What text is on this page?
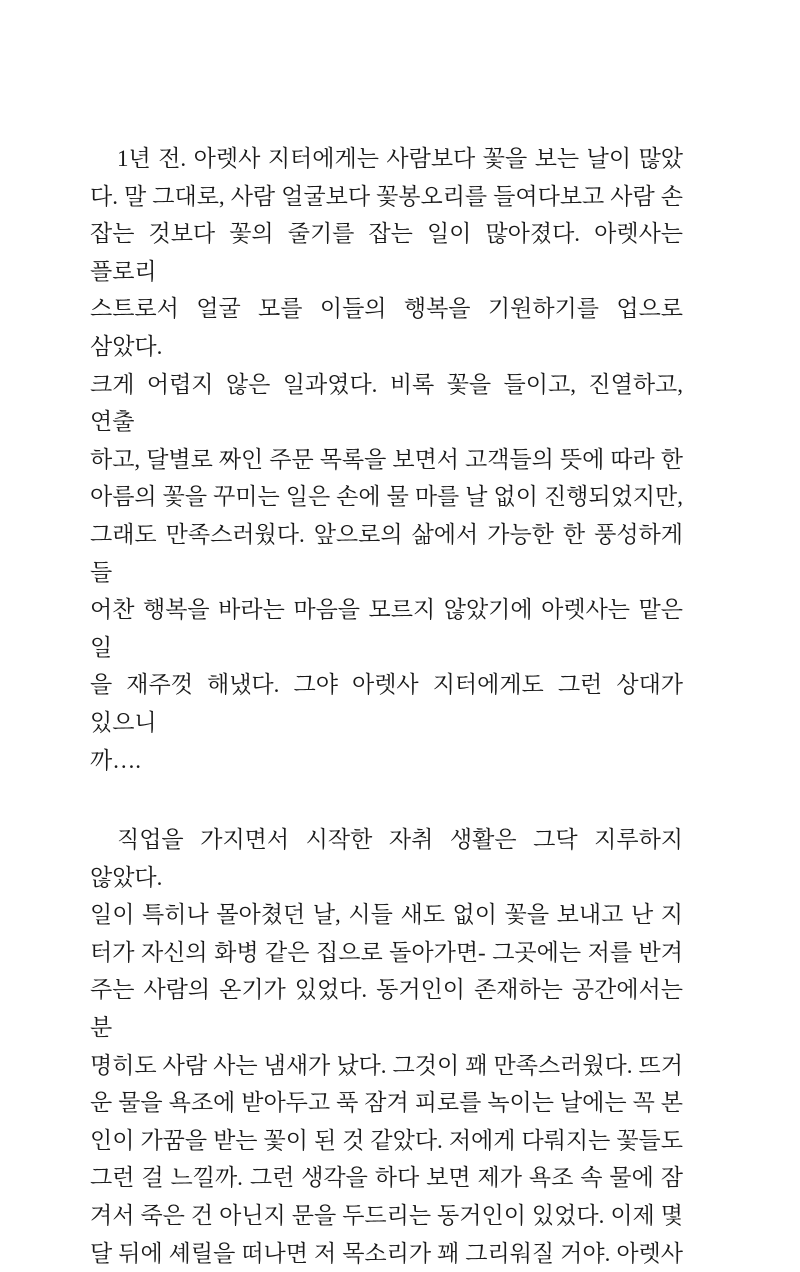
1년 전. 아렛사 지터에게는 사람보다 꽃을 보는 날이 많았
다. 말 그대로, 사람 얼굴보다 꽃봉오리를 들여다보고 사람 손
잡는 것보다 꽃의 줄기를 잡는 일이 많아졌다. 아렛사는 플로리
스트로서 얼굴 모를 이들의 행복을 기원하기를 업으로 삼았다.
크게 어렵지 않은 일과였다. 비록 꽃을 들이고, 진열하고, 연출
하고, 달별로 짜인 주문 목록을 보면서 고객들의 뜻에 따라 한
아름의 꽃을 꾸미는 일은 손에 물 마를 날 없이 진행되었지만,
그래도 만족스러웠다. 앞으로의 삶에서 가능한 한 풍성하게 들
어찬 행복을 바라는 마음을 모르지 않았기에 아렛사는 맡은 일
을 재주껏 해냈다. 그야 아렛사 지터에게도 그런 상대가 있으니
까….
직업을 가지면서 시작한 자취 생활은 그닥 지루하지 않았다.
일이 특히나 몰아쳤던 날, 시들 새도 없이 꽃을 보내고 난 지
터가 자신의 화병 같은 집으로 돌아가면- 그곳에는 저를 반겨
주는 사람의 온기가 있었다. 동거인이 존재하는 공간에서는 분
명히도 사람 사는 냄새가 났다. 그것이 꽤 만족스러웠다. 뜨거
운 물을 욕조에 받아두고 푹 잠겨 피로를 녹이는 날에는 꼭 본
인이 가꿈을 받는 꽃이 된 것 같았다. 저에게 다뤄지는 꽃들도
그런 걸 느낄까. 그런 생각을 하다 보면 제가 욕조 속 물에 잠
겨서 죽은 건 아닌지 문을 두드리는 동거인이 있었다. 이제 몇
달 뒤에 셰릴을 떠나면 저 목소리가 꽤 그리워질 거야. 아렛사
